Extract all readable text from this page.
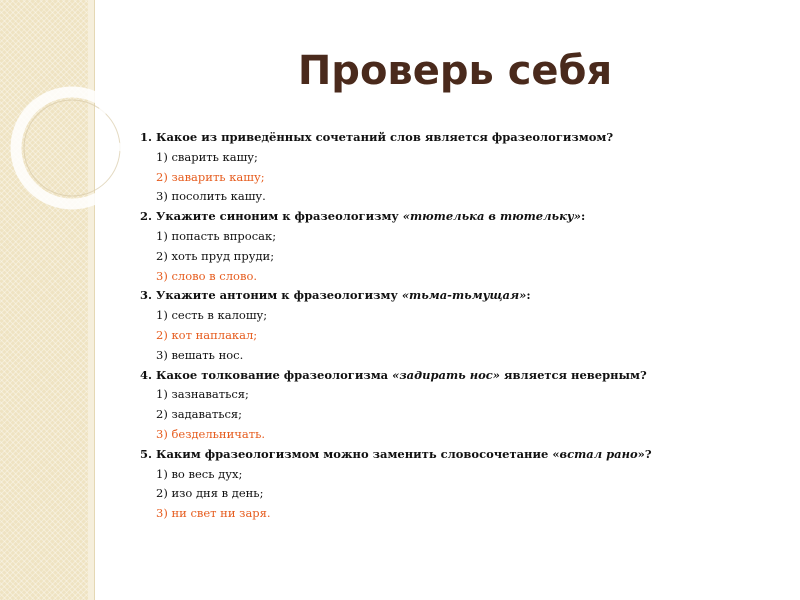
Проверь себя
1. Какое из приведённых сочетаний слов является фразеологизмом?
1) сварить кашу;
2) заварить кашу;
3) посолить кашу.
2. Укажите синоним к фразеологизму «тютелька в тютельку»:
1) попасть впросак;
2) хоть пруд пруди;
3) слово в слово.
3. Укажите антоним к фразеологизму «тьма-тьмущая»:
1) сесть в калошу;
2) кот наплакал;
3) вешать нос.
4. Какое толкование фразеологизма «задирать нос» является неверным?
1) зазнаваться;
2) задаваться;
3) бездельничать.
5. Каким фразеологизмом можно заменить словосочетание «встал рано»?
1) во весь дух;
2) изо дня в день;
3) ни свет ни заря.
